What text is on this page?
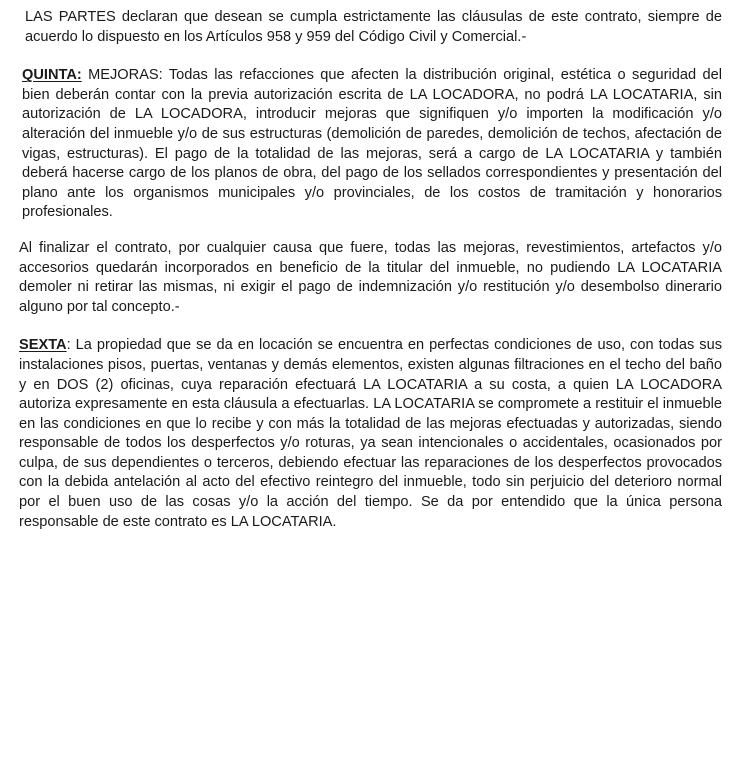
LAS PARTES declaran que desean se cumpla estrictamente las cláusulas de este contrato, siempre de acuerdo lo dispuesto en los Artículos 958 y 959 del Código Civil y Comercial.-

QUINTA: MEJORAS: Todas las refacciones que afecten la distribución original, estética o seguridad del bien deberán contar con la previa autorización escrita de LA LOCADORA, no podrá LA LOCATARIA, sin autorización de LA LOCADORA, introducir mejoras que signifiquen y/o importen la modificación y/o alteración del inmueble y/o de sus estructuras (demolición de paredes, demolición de techos, afectación de vigas, estructuras). El pago de la totalidad de las mejoras, será a cargo de LA LOCATARIA y también deberá hacerse cargo de los planos de obra, del pago de los sellados correspondientes y presentación del plano ante los organismos municipales y/o provinciales, de los costos de tramitación y honorarios profesionales.

Al finalizar el contrato, por cualquier causa que fuere, todas las mejoras, revestimientos, artefactos y/o accesorios quedarán incorporados en beneficio de la titular del inmueble, no pudiendo LA LOCATARIA demoler ni retirar las mismas, ni exigir el pago de indemnización y/o restitución y/o desembolso dinerario alguno por tal concepto.-

SEXTA: La propiedad que se da en locación se encuentra en perfectas condiciones de uso, con todas sus instalaciones pisos, puertas, ventanas y demás elementos, existen algunas filtraciones en el techo del baño y en DOS (2) oficinas, cuya reparación efectuará LA LOCATARIA a su costa, a quien LA LOCADORA autoriza expresamente en esta cláusula a efectuarlas. LA LOCATARIA se compromete a restituir el inmueble en las condiciones en que lo recibe y con más la totalidad de las mejoras efectuadas y autorizadas, siendo responsable de todos los desperfectos y/o roturas, ya sean intencionales o accidentales, ocasionados por culpa, de sus dependientes o terceros, debiendo efectuar las reparaciones de los desperfectos provocados con la debida antelación al acto del efectivo reintegro del inmueble, todo sin perjuicio del deterioro normal por el buen uso de las cosas y/o la acción del tiempo. Se da por entendido que la única persona responsable de este contrato es LA LOCATARIA.
